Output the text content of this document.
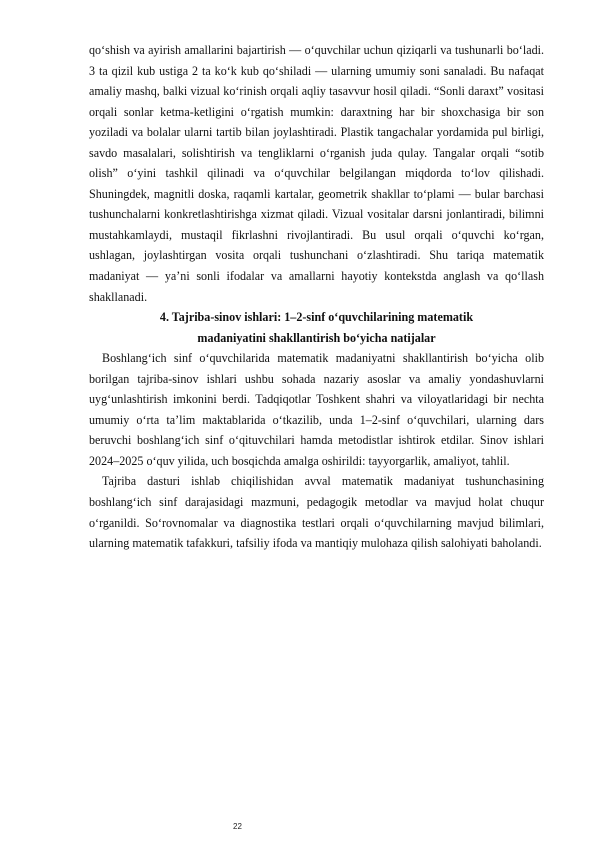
qo‘shish va ayirish amallarini bajartirish — o‘quvchilar uchun qiziqarli va tushunarli bo‘ladi. 3 ta qizil kub ustiga 2 ta ko‘k kub qo‘shiladi — ularning umumiy soni sanaladi. Bu nafaqat amaliy mashq, balki vizual ko‘rinish orqali aqliy tasavvur hosil qiladi. “Sonli daraxt” vositasi orqali sonlar ketma-ketligini o‘rgatish mumkin: daraxtning har bir shoxchasiga bir son yoziladi va bolalar ularni tartib bilan joylashtiradi. Plastik tangachalar yordamida pul birligi, savdo masalalari, solishtirish va tengliklarni o‘rganish juda qulay. Tangalar orqali “sotib olish” o‘yini tashkil qilinadi va o‘quvchilar belgilangan miqdorda to‘lov qilishadi. Shuningdek, magnitli doska, raqamli kartalar, geometrik shakllar to‘plami — bular barchasi tushunchalarni konkretlashtirishga xizmat qiladi. Vizual vositalar darsni jonlantiradi, bilimni mustahkamlaydi, mustaqil fikrlashni rivojlantiradi. Bu usul orqali o‘quvchi ko‘rgan, ushlagan, joylashtirgan vosita orqali tushunchani o‘zlashtiradi. Shu tariqa matematik madaniyat — ya’ni sonli ifodalar va amallarni hayotiy kontekstda anglash va qo‘llash shakllanadi.

4. Tajriba-sinov ishlari: 1–2-sinf o‘quvchilarining matematik
madaniyatini shakllantirish bo‘yicha natijalar

Boshlang‘ich sinf o‘quvchilarida matematik madaniyatni shakllantirish bo‘yicha olib borilgan tajriba-sinov ishlari ushbu sohada nazariy asoslar va amaliy yondashuvlarni uyg‘unlashtirish imkonini berdi. Tadqiqotlar Toshkent shahri va viloyatlaridagi bir nechta umumiy o‘rta ta’lim maktablarida o‘tkazilib, unda 1–2-sinf o‘quvchilari, ularning dars beruvchi boshlang‘ich sinf o‘qituvchilari hamda metodistlar ishtirok etdilar. Sinov ishlari 2024–2025 o‘quv yilida, uch bosqichda amalga oshirildi: tayyorgarlik, amaliyot, tahlil.

Tajriba dasturi ishlab chiqilishidan avval matematik madaniyat tushunchasining boshlang‘ich sinf darajasidagi mazmuni, pedagogik metodlar va mavjud holat chuqur o‘rganildi. So‘rovnomalar va diagnostika testlari orqali o‘quvchilarning mavjud bilimlari, ularning matematik tafakkuri, tafsiliy ifoda va mantiqiy mulohaza qilish salohiyati baholandi.

22
